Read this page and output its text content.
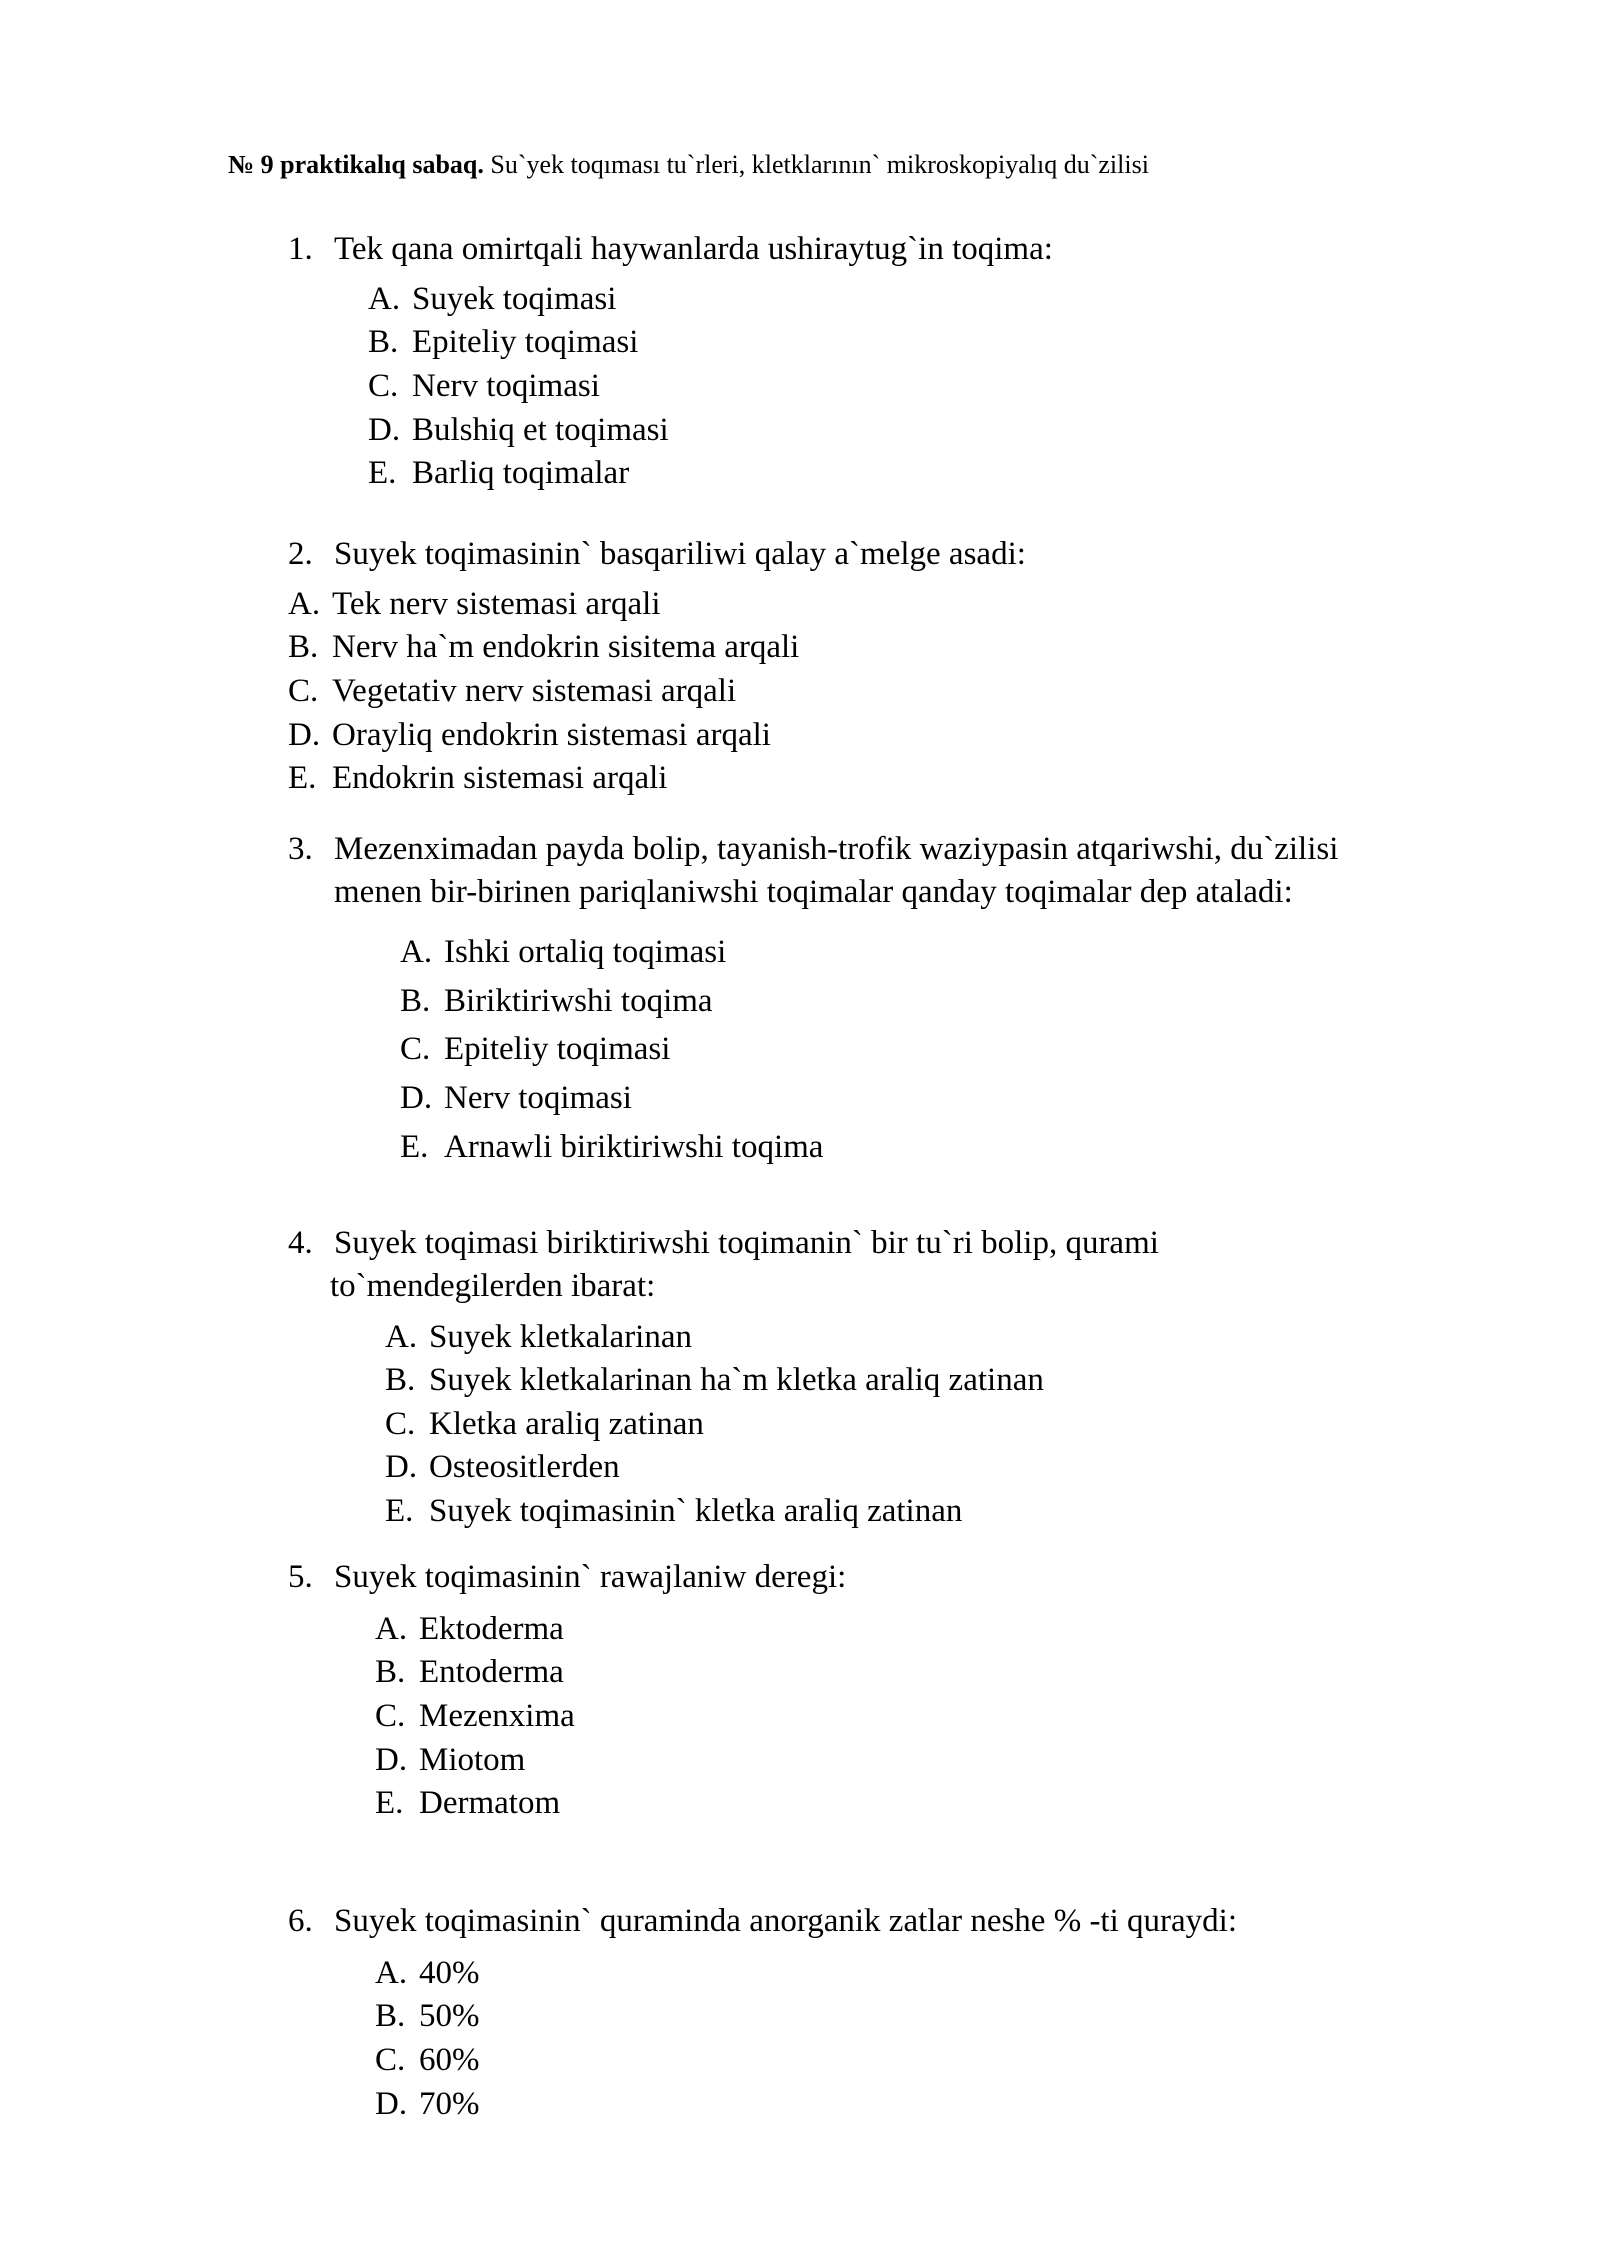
№ 9 praktikalıq sabaq. Su`yek toqıması tu`rleri, kletklarının` mikroskopiyalıq du`zilisi
1. Tek qana omirtqali haywanlarda ushiraytug`in toqima:
A. Suyek toqimasi
B. Epiteliy toqimasi
C. Nerv toqimasi
D. Bulshiq et toqimasi
E. Barliq toqimalar
2. Suyek toqimasinin` basqariliwi qalay a`melge asadi:
A. Tek nerv sistemasi arqali
B. Nerv ha`m endokrin sisitema arqali
C. Vegetativ nerv sistemasi arqali
D. Orayliq endokrin sistemasi arqali
E. Endokrin sistemasi arqali
3. Mezenximadan payda bolip, tayanish-trofik waziypasin atqariwshi, du`zilisi
menen bir-birinen pariqlaniwshi toqimalar qanday toqimalar dep ataladi:
A. Ishki ortaliq toqimasi
B. Biriktiriwshi toqima
C. Epiteliy toqimasi
D. Nerv toqimasi
E. Arnawli biriktiriwshi toqima
4. Suyek toqimasi biriktiriwshi toqimanin` bir tu`ri bolip, qurami
to`mendegilerden ibarat:
A. Suyek kletkalarinan
B. Suyek kletkalarinan ha`m kletka araliq zatinan
C. Kletka araliq zatinan
D. Osteositlerden
E. Suyek toqimasinin` kletka araliq zatinan
5. Suyek toqimasinin` rawajlaniw deregi:
A. Ektoderma
B. Entoderma
C. Mezenxima
D. Miotom
E. Dermatom
6. Suyek toqimasinin` quraminda anorganik zatlar neshe % -ti quraydi:
A. 40%
B. 50%
C. 60%
D. 70%
